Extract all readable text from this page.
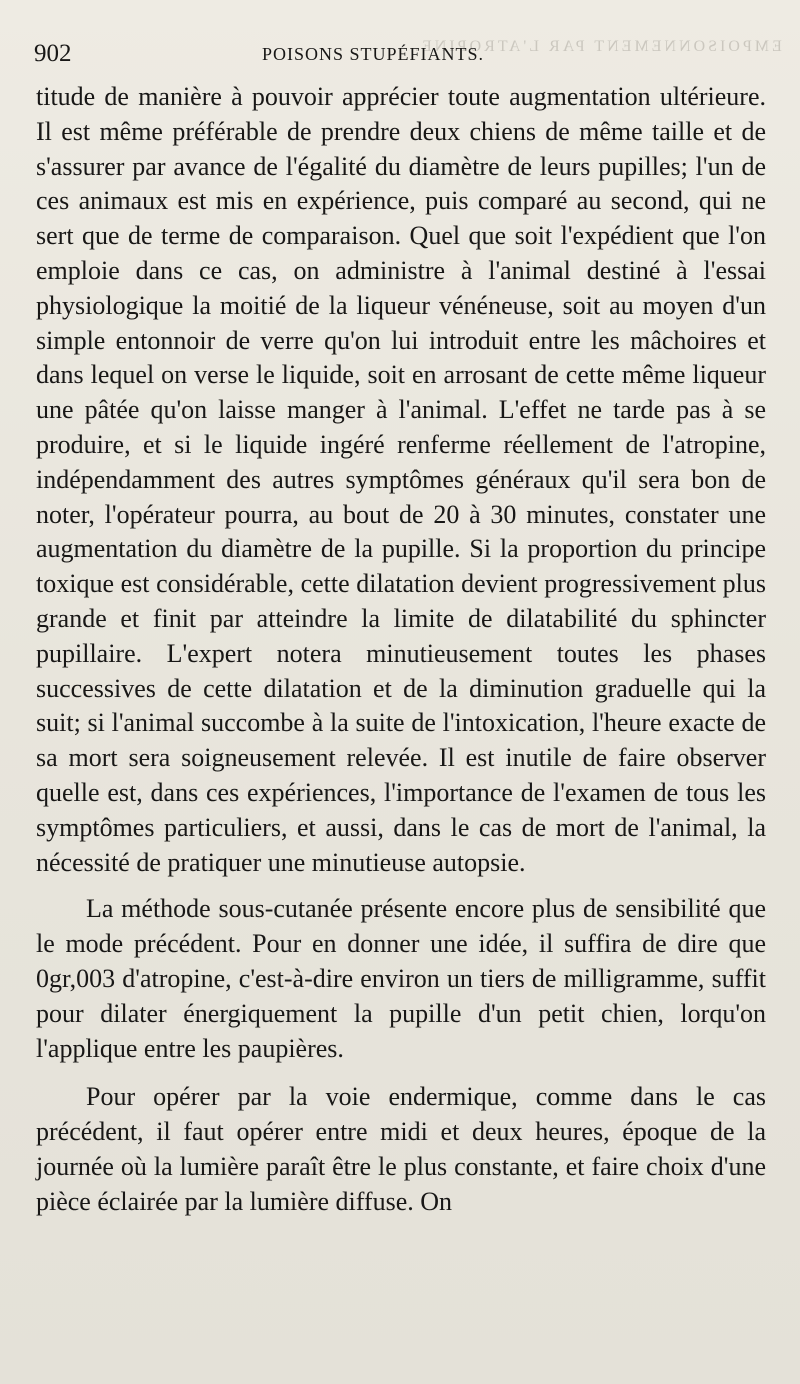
EMPOISONNEMENT PAR L'ATROPINE.
902	POISONS STUPÉFIANTS.

titude de manière à pouvoir apprécier toute augmentation ultérieure. Il est même préférable de prendre deux chiens de même taille et de s'assurer par avance de l'égalité du diamètre de leurs pupilles; l'un de ces animaux est mis en expérience, puis comparé au second, qui ne sert que de terme de comparaison. Quel que soit l'expédient que l'on emploie dans ce cas, on administre à l'animal destiné à l'essai physiologique la moitié de la liqueur vénéneuse, soit au moyen d'un simple entonnoir de verre qu'on lui introduit entre les mâchoires et dans lequel on verse le liquide, soit en arrosant de cette même liqueur une pâtée qu'on laisse manger à l'animal. L'effet ne tarde pas à se produire, et si le liquide ingéré renferme réellement de l'atropine, indépendamment des autres symptômes généraux qu'il sera bon de noter, l'opérateur pourra, au bout de 20 à 30 minutes, constater une augmentation du diamètre de la pupille. Si la proportion du principe toxique est considérable, cette dilatation devient progressivement plus grande et finit par atteindre la limite de dilatabilité du sphincter pupillaire. L'expert notera minutieusement toutes les phases successives de cette dilatation et de la diminution graduelle qui la suit; si l'animal succombe à la suite de l'intoxication, l'heure exacte de sa mort sera soigneusement relevée. Il est inutile de faire observer quelle est, dans ces expériences, l'importance de l'examen de tous les symptômes particuliers, et aussi, dans le cas de mort de l'animal, la nécessité de pratiquer une minutieuse autopsie.

La méthode sous-cutanée présente encore plus de sensibilité que le mode précédent. Pour en donner une idée, il suffira de dire que 0gr,003 d'atropine, c'est-à-dire environ un tiers de milligramme, suffit pour dilater énergiquement la pupille d'un petit chien, lorqu'on l'applique entre les paupières.

Pour opérer par la voie endermique, comme dans le cas précédent, il faut opérer entre midi et deux heures, époque de la journée où la lumière paraît être le plus constante, et faire choix d'une pièce éclairée par la lumière diffuse. On
